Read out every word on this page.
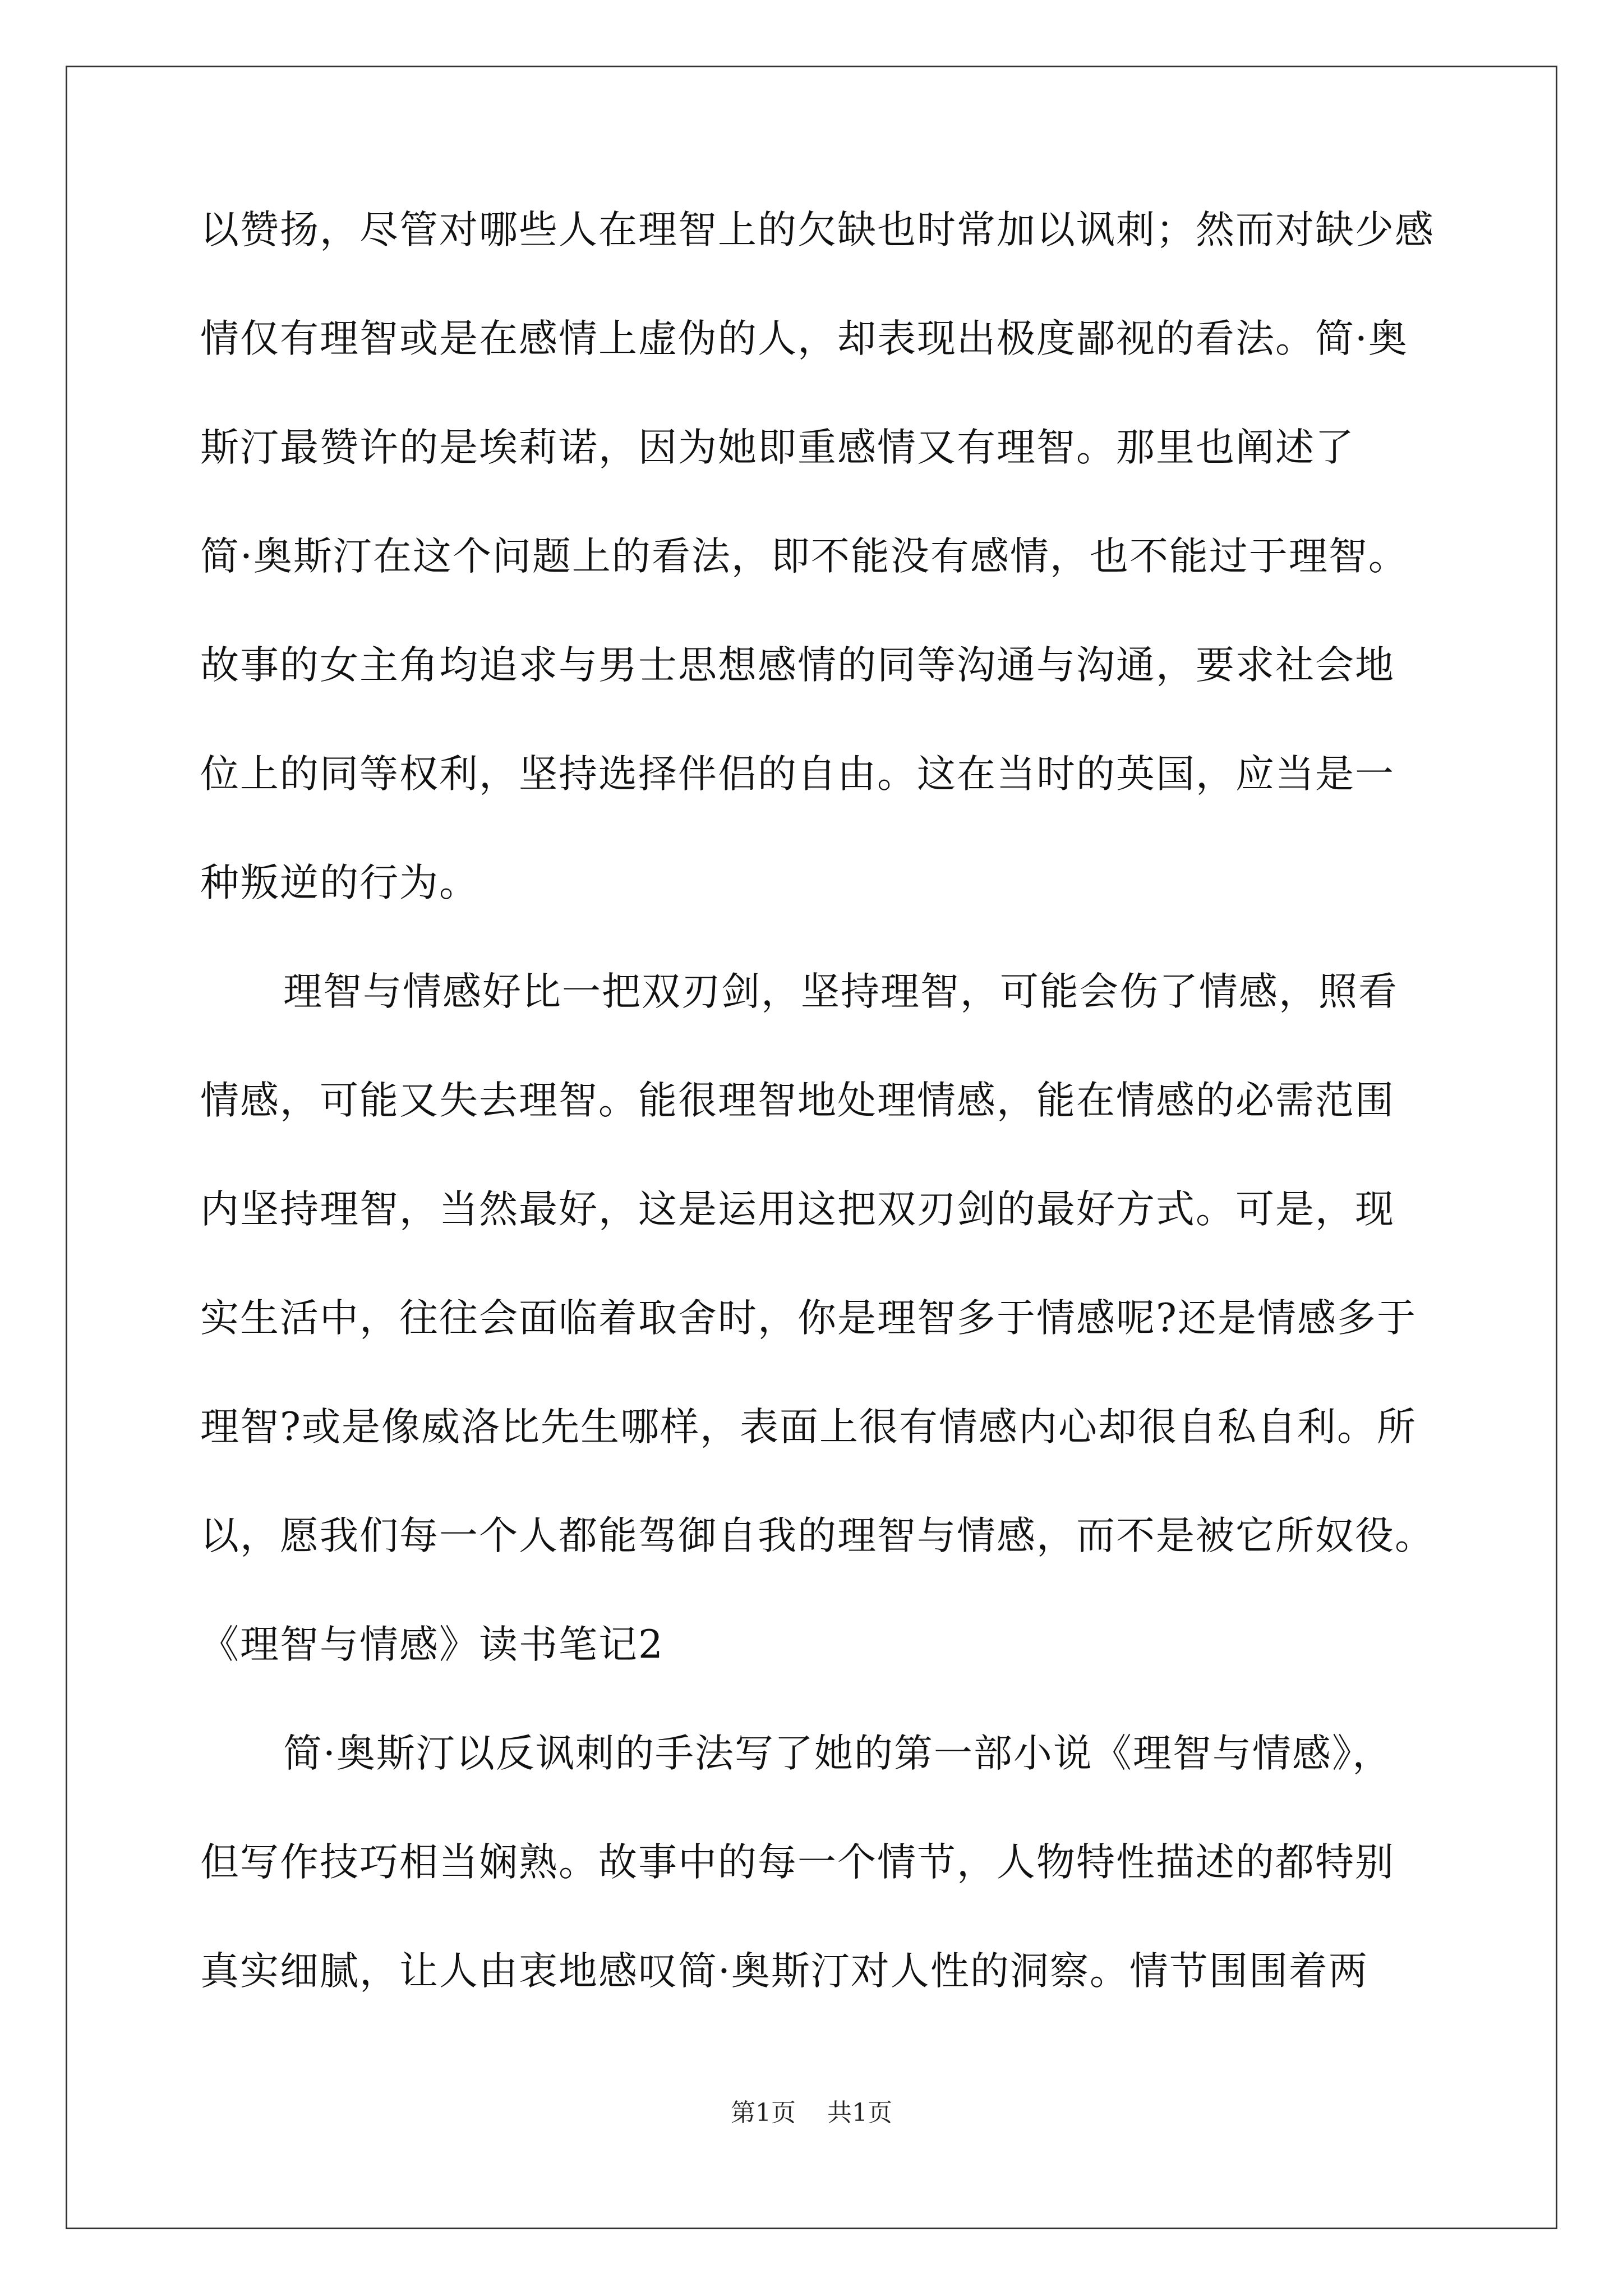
以赞扬，尽管对哪些人在理智上的欠缺也时常加以讽刺；然而对缺少感
情仅有理智或是在感情上虚伪的人，却表现出极度鄙视的看法。简·奥
斯汀最赞许的是埃莉诺，因为她即重感情又有理智。那里也阐述了
简·奥斯汀在这个问题上的看法，即不能没有感情，也不能过于理智。
故事的女主角均追求与男士思想感情的同等沟通与沟通，要求社会地
位上的同等权利，坚持选择伴侣的自由。这在当时的英国，应当是一
种叛逆的行为。
理智与情感好比一把双刃剑，坚持理智，可能会伤了情感，照看
情感，可能又失去理智。能很理智地处理情感，能在情感的必需范围
内坚持理智，当然最好，这是运用这把双刃剑的最好方式。可是，现
实生活中，往往会面临着取舍时，你是理智多于情感呢?还是情感多于
理智?或是像威洛比先生哪样，表面上很有情感内心却很自私自利。所
以，愿我们每一个人都能驾御自我的理智与情感，而不是被它所奴役。
《理智与情感》读书笔记2
简·奥斯汀以反讽刺的手法写了她的第一部小说《理智与情感》，
但写作技巧相当娴熟。故事中的每一个情节，人物特性描述的都特别
真实细腻，让人由衷地感叹简·奥斯汀对人性的洞察。情节围围着两
第1页    共1页
